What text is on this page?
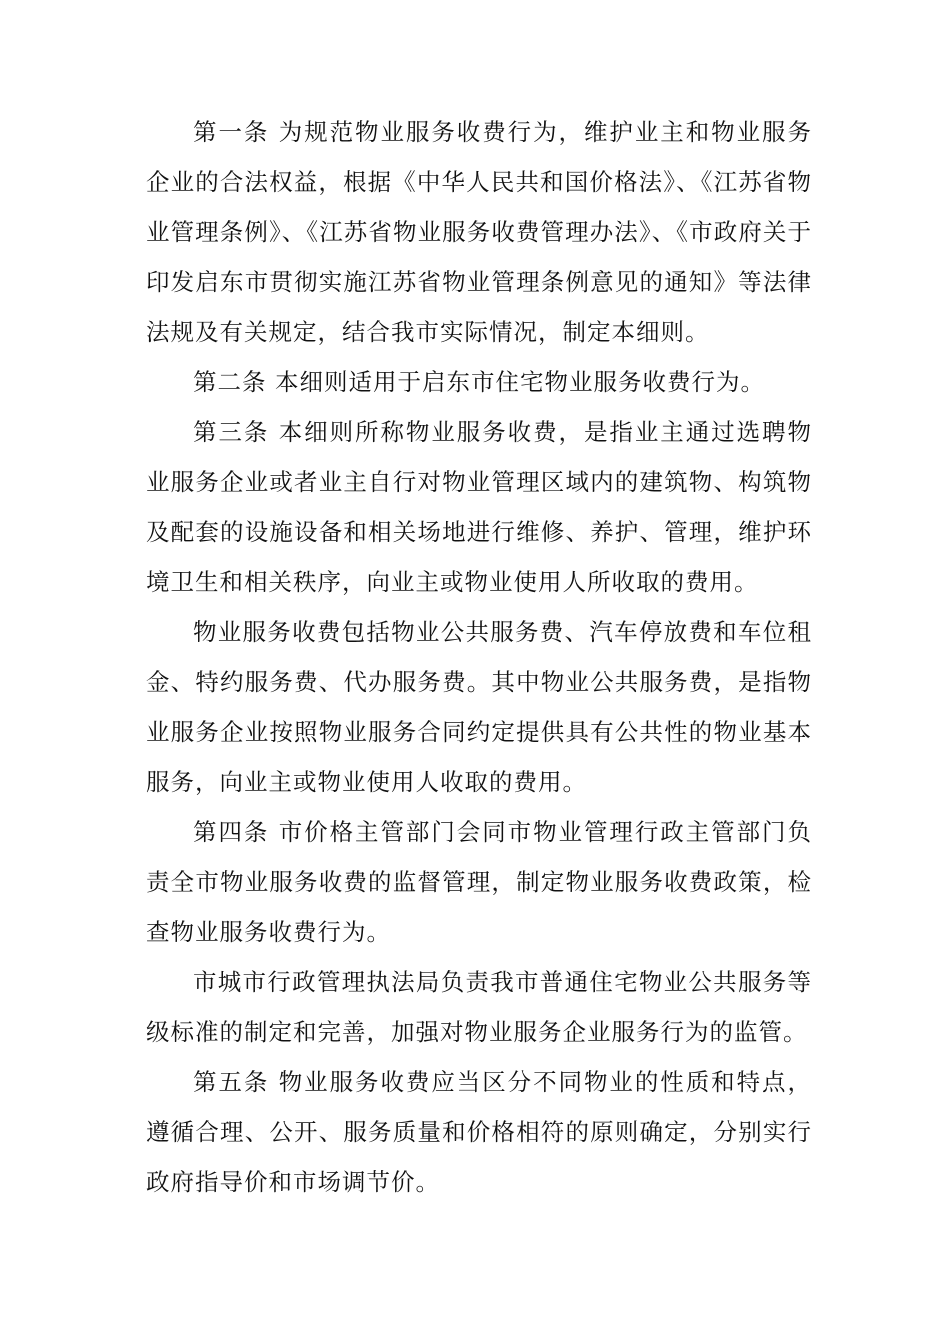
第一条 为规范物业服务收费行为，维护业主和物业服务企业的合法权益，根据《中华人民共和国价格法》、《江苏省物业管理条例》、《江苏省物业服务收费管理办法》、《市政府关于印发启东市贯彻实施江苏省物业管理条例意见的通知》等法律法规及有关规定，结合我市实际情况，制定本细则。

第二条 本细则适用于启东市住宅物业服务收费行为。

第三条 本细则所称物业服务收费，是指业主通过选聘物业服务企业或者业主自行对物业管理区域内的建筑物、构筑物及配套的设施设备和相关场地进行维修、养护、管理，维护环境卫生和相关秩序，向业主或物业使用人所收取的费用。

物业服务收费包括物业公共服务费、汽车停放费和车位租金、特约服务费、代办服务费。其中物业公共服务费，是指物业服务企业按照物业服务合同约定提供具有公共性的物业基本服务，向业主或物业使用人收取的费用。

第四条 市价格主管部门会同市物业管理行政主管部门负责全市物业服务收费的监督管理，制定物业服务收费政策，检查物业服务收费行为。

市城市行政管理执法局负责我市普通住宅物业公共服务等级标准的制定和完善，加强对物业服务企业服务行为的监管。

第五条 物业服务收费应当区分不同物业的性质和特点，遵循合理、公开、服务质量和价格相符的原则确定，分别实行政府指导价和市场调节价。
